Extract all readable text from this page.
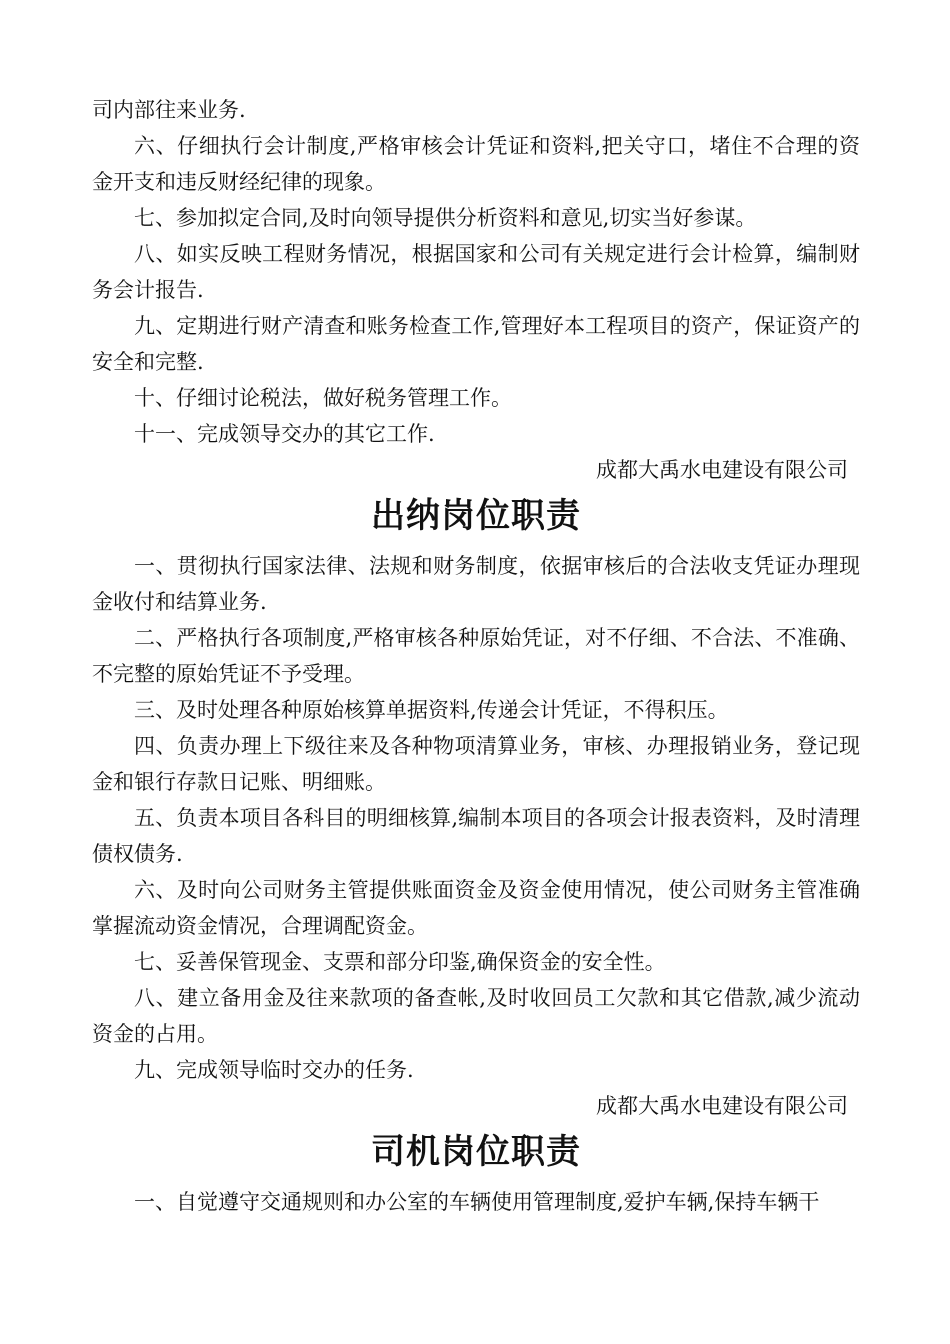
司内部往来业务.

六、仔细执行会计制度,严格审核会计凭证和资料,把关守口，堵住不合理的资金开支和违反财经纪律的现象。

七、参加拟定合同,及时向领导提供分析资料和意见,切实当好参谋。

八、如实反映工程财务情况，根据国家和公司有关规定进行会计检算，编制财务会计报告.

九、定期进行财产清查和账务检查工作,管理好本工程项目的资产，保证资产的安全和完整.

十、仔细讨论税法，做好税务管理工作。

十一、完成领导交办的其它工作.

成都大禹水电建设有限公司

出纳岗位职责

一、贯彻执行国家法律、法规和财务制度，依据审核后的合法收支凭证办理现金收付和结算业务.

二、严格执行各项制度,严格审核各种原始凭证，对不仔细、不合法、不准确、不完整的原始凭证不予受理。

三、及时处理各种原始核算单据资料,传递会计凭证，不得积压。

四、负责办理上下级往来及各种物项清算业务，审核、办理报销业务，登记现金和银行存款日记账、明细账。

五、负责本项目各科目的明细核算,编制本项目的各项会计报表资料，及时清理债权债务.

六、及时向公司财务主管提供账面资金及资金使用情况，使公司财务主管准确掌握流动资金情况，合理调配资金。

七、妥善保管现金、支票和部分印鉴,确保资金的安全性。

八、建立备用金及往来款项的备查帐,及时收回员工欠款和其它借款,减少流动资金的占用。

九、完成领导临时交办的任务.

成都大禹水电建设有限公司

司机岗位职责

一、自觉遵守交通规则和办公室的车辆使用管理制度,爱护车辆,保持车辆干
